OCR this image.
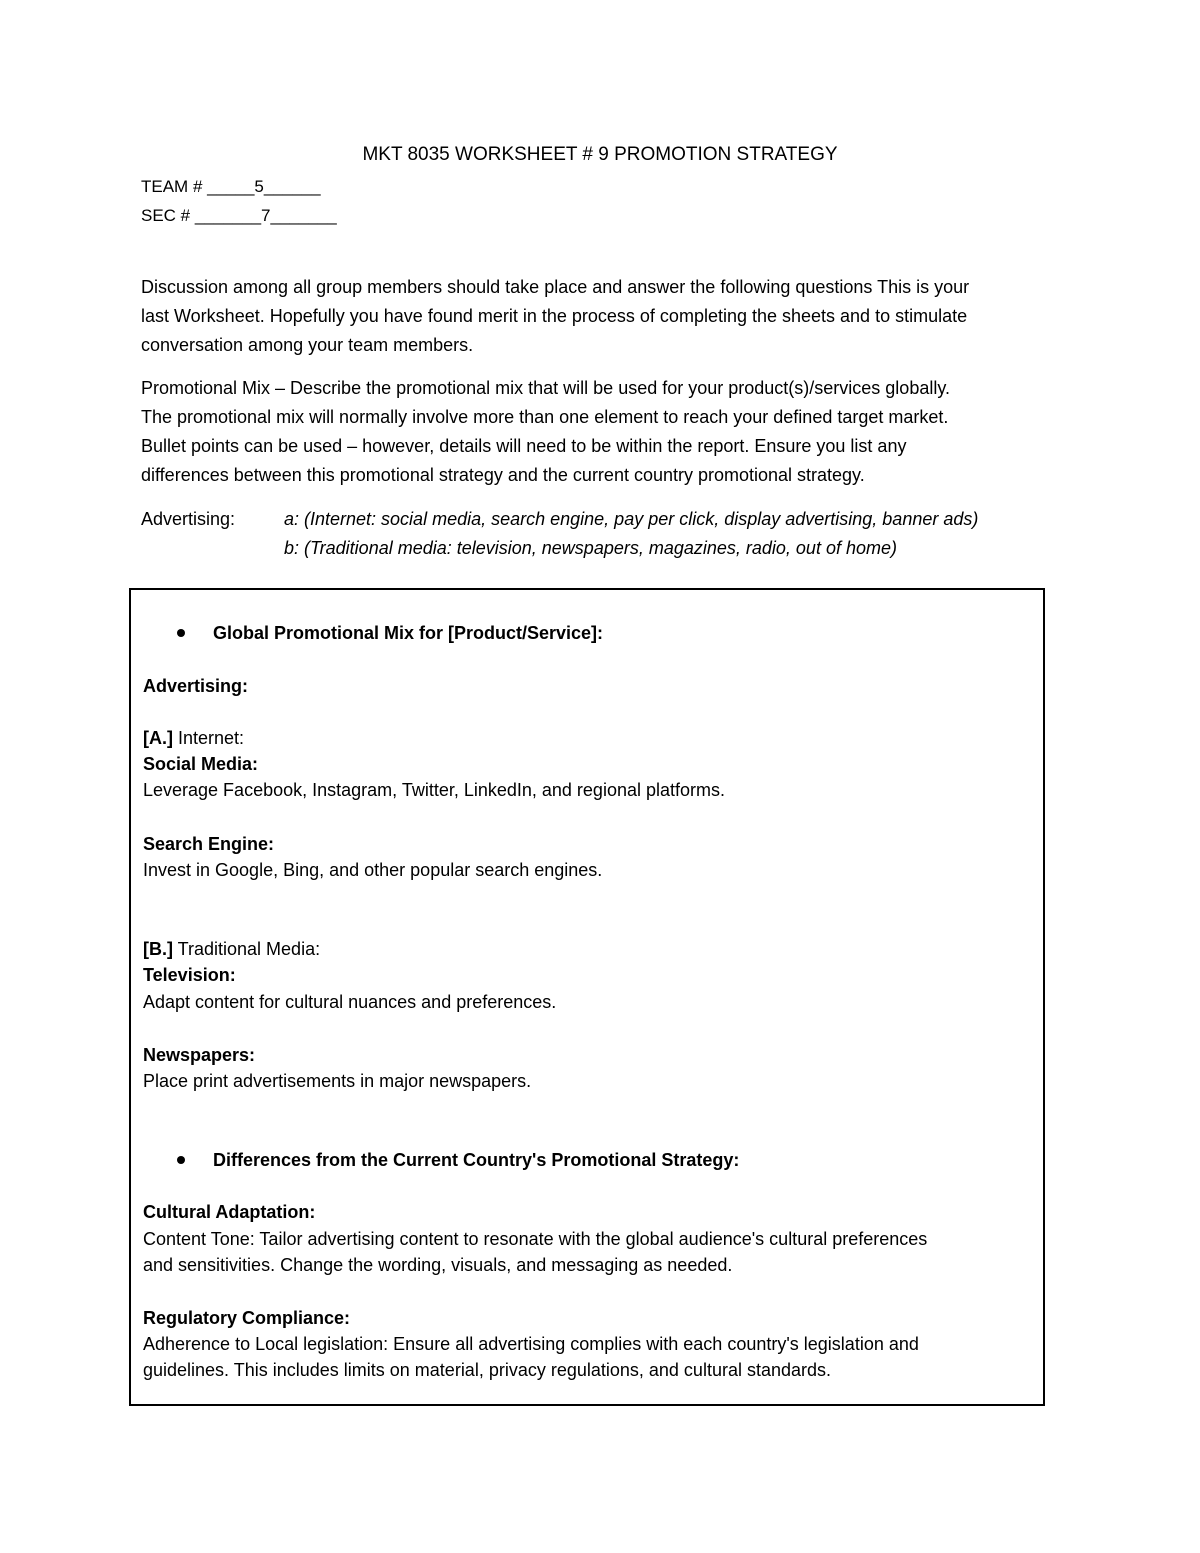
MKT 8035 WORKSHEET # 9 PROMOTION STRATEGY
TEAM # _____5______
SEC # _______7_______
Discussion among all group members should take place and answer the following questions This is your
last Worksheet. Hopefully you have found merit in the process of completing the sheets and to stimulate
conversation among your team members.
Promotional Mix – Describe the promotional mix that will be used for your product(s)/services globally.
The promotional mix will normally involve more than one element to reach your defined target market.
Bullet points can be used – however, details will need to be within the report. Ensure you list any
differences between this promotional strategy and the current country promotional strategy.
Advertising:	a: (Internet: social media, search engine, pay per click, display advertising, banner ads)
b: (Traditional media: television, newspapers, magazines, radio, out of home)
Global Promotional Mix for [Product/Service]:
Advertising:
[A.] Internet:
Social Media:
Leverage Facebook, Instagram, Twitter, LinkedIn, and regional platforms.
Search Engine:
Invest in Google, Bing, and other popular search engines.
[B.] Traditional Media:
Television:
Adapt content for cultural nuances and preferences.
Newspapers:
Place print advertisements in major newspapers.
Differences from the Current Country's Promotional Strategy:
Cultural Adaptation:
Content Tone: Tailor advertising content to resonate with the global audience's cultural preferences
and sensitivities. Change the wording, visuals, and messaging as needed.
Regulatory Compliance:
Adherence to Local legislation: Ensure all advertising complies with each country's legislation and
guidelines. This includes limits on material, privacy regulations, and cultural standards.
